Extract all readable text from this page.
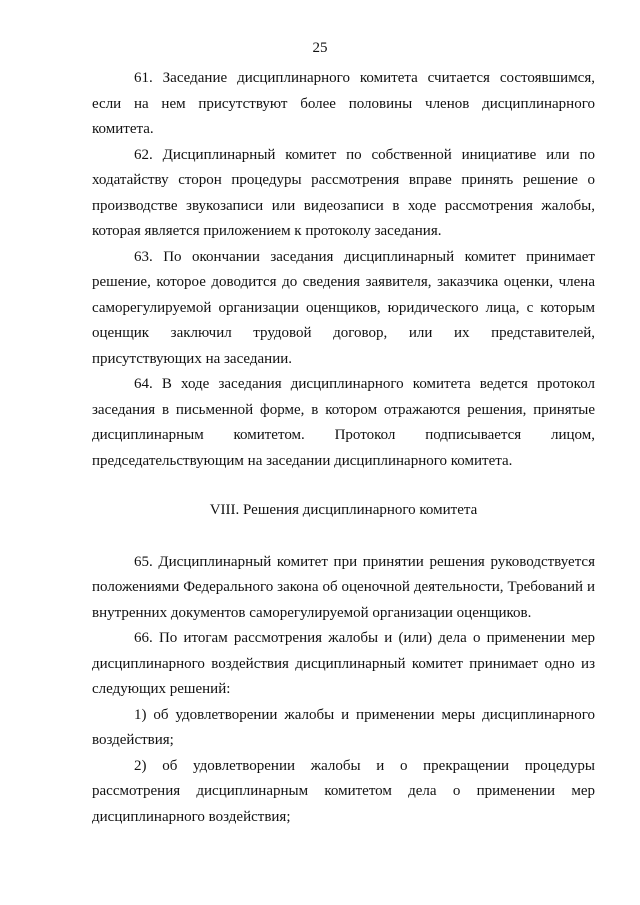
25

61. Заседание дисциплинарного комитета считается состоявшимся, если на нем присутствуют более половины членов дисциплинарного комитета.

62. Дисциплинарный комитет по собственной инициативе или по ходатайству сторон процедуры рассмотрения вправе принять решение о производстве звукозаписи или видеозаписи в ходе рассмотрения жалобы, которая является приложением к протоколу заседания.

63. По окончании заседания дисциплинарный комитет принимает решение, которое доводится до сведения заявителя, заказчика оценки, члена саморегулируемой организации оценщиков, юридического лица, с которым оценщик заключил трудовой договор, или их представителей, присутствующих на заседании.

64. В ходе заседания дисциплинарного комитета ведется протокол заседания в письменной форме, в котором отражаются решения, принятые дисциплинарным комитетом. Протокол подписывается лицом, председательствующим на заседании дисциплинарного комитета.

VIII. Решения дисциплинарного комитета

65. Дисциплинарный комитет при принятии решения руководствуется положениями Федерального закона об оценочной деятельности, Требований и внутренних документов саморегулируемой организации оценщиков.

66. По итогам рассмотрения жалобы и (или) дела о применении мер дисциплинарного воздействия дисциплинарный комитет принимает одно из следующих решений:

1) об удовлетворении жалобы и применении меры дисциплинарного воздействия;

2) об удовлетворении жалобы и о прекращении процедуры рассмотрения дисциплинарным комитетом дела о применении мер дисциплинарного воздействия;
